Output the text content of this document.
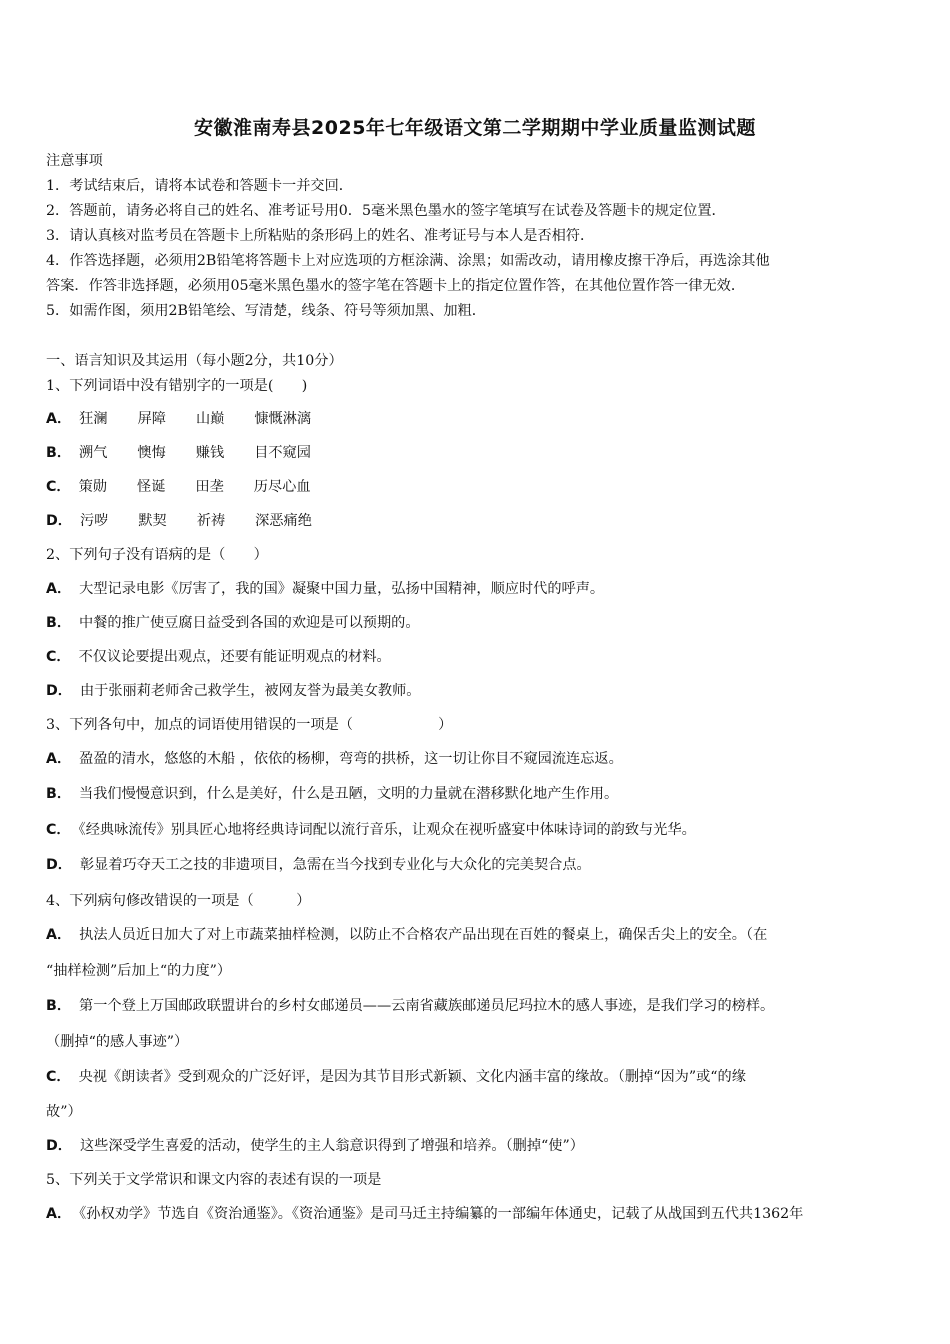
安徽淮南寿县2025年七年级语文第二学期期中学业质量监测试题
注意事项
1．考试结束后，请将本试卷和答题卡一并交回．
2．答题前，请务必将自己的姓名、准考证号用0．5毫米黑色墨水的签字笔填写在试卷及答题卡的规定位置．
3．请认真核对监考员在答题卡上所粘贴的条形码上的姓名、准考证号与本人是否相符．
4．作答选择题，必须用2B铅笔将答题卡上对应选项的方框涂满、涂黑；如需改动，请用橡皮擦干净后，再选涂其他
答案．作答非选择题，必须用05毫米黑色墨水的签字笔在答题卡上的指定位置作答，在其他位置作答一律无效．
5．如需作图，须用2B铅笔绘、写清楚，线条、符号等须加黑、加粗．
一、语言知识及其运用（每小题2分，共10分）
1、下列词语中没有错别字的一项是(　　)
A． 狂澜 屏障 山巅 慷慨淋漓
B． 溯气 懊悔 赚钱 目不窥园
C． 策勋 怪诞 田垄 历尽心血
D． 污哕 默契 祈祷 深恶痛绝
2、下列句子没有语病的是（　　）
A． 大型记录电影《厉害了，我的国》凝聚中国力量，弘扬中国精神，顺应时代的呼声。
B． 中餐的推广使豆腐日益受到各国的欢迎是可以预期的。
C． 不仅议论要提出观点，还要有能证明观点的材料。
D． 由于张丽莉老师舍己救学生，被网友誉为最美女教师。
3、下列各句中，加点的词语使用错误的一项是（　　　　　　）
A． 盈盈的清水，悠悠的木船 ，依依的杨柳，弯弯的拱桥，这一切让你目不窥园流连忘返。
B． 当我们慢慢意识到，什么是美好，什么是丑陋，文明的力量就在潜移默化地产生作用。
C． 《经典咏流传》别具匠心地将经典诗词配以流行音乐，让观众在视听盛宴中体味诗词的韵致与光华。
D． 彰显着巧夺天工之技的非遗项目，急需在当今找到专业化与大众化的完美契合点。
4、下列病句修改错误的一项是（　　　）
A． 执法人员近日加大了对上市蔬菜抽样检测，以防止不合格农产品出现在百姓的餐桌上，确保舌尖上的安全。（在
“抽样检测”后加上“的力度”）
B． 第一个登上万国邮政联盟讲台的乡村女邮递员——云南省藏族邮递员尼玛拉木的感人事迹，是我们学习的榜样。
（删掉“的感人事迹”）
C． 央视《朗读者》受到观众的广泛好评，是因为其节目形式新颖、文化内涵丰富的缘故。（删掉“因为”或“的缘
故”）
D． 这些深受学生喜爱的活动，使学生的主人翁意识得到了增强和培养。（删掉“使”）
5、下列关于文学常识和课文内容的表述有误的一项是
A． 《孙权劝学》节选自《资治通鉴》。《资治通鉴》是司马迁主持编纂的一部编年体通史，记载了从战国到五代共1362年
